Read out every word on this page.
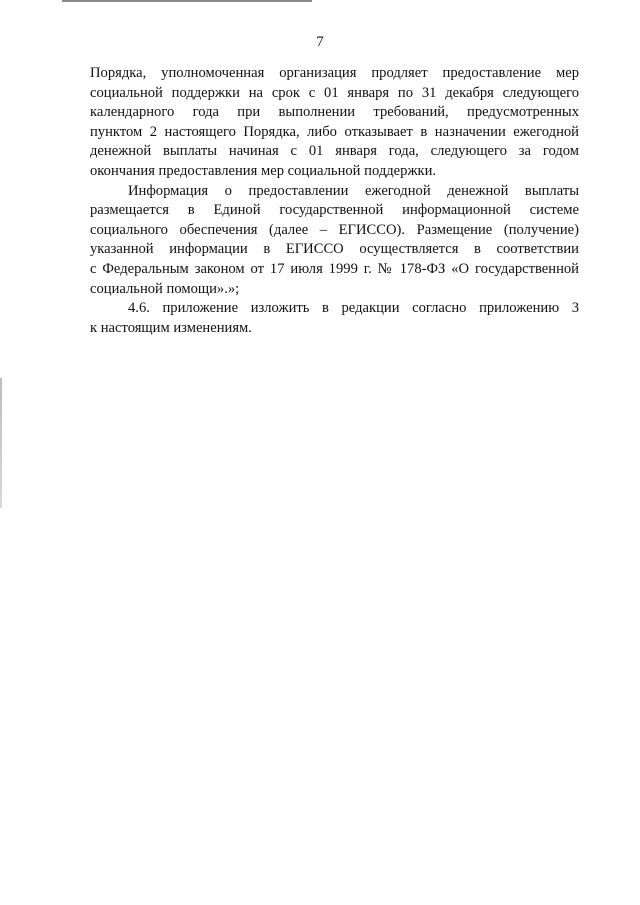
7

Порядка, уполномоченная организация продляет предоставление мер
социальной поддержки на срок с 01 января по 31 декабря следующего
календарного года при выполнении требований, предусмотренных
пунктом 2 настоящего Порядка, либо отказывает в назначении ежегодной
денежной выплаты начиная с 01 января года, следующего за годом
окончания предоставления мер социальной поддержки.

Информация о предоставлении ежегодной денежной выплаты
размещается в Единой государственной информационной системе
социального обеспечения (далее – ЕГИССО). Размещение (получение)
указанной информации в ЕГИССО осуществляется в соответствии
с Федеральным законом от 17 июля 1999 г. № 178-ФЗ «О государственной
социальной помощи».»;

4.6. приложение изложить в редакции согласно приложению 3
к настоящим изменениям.
